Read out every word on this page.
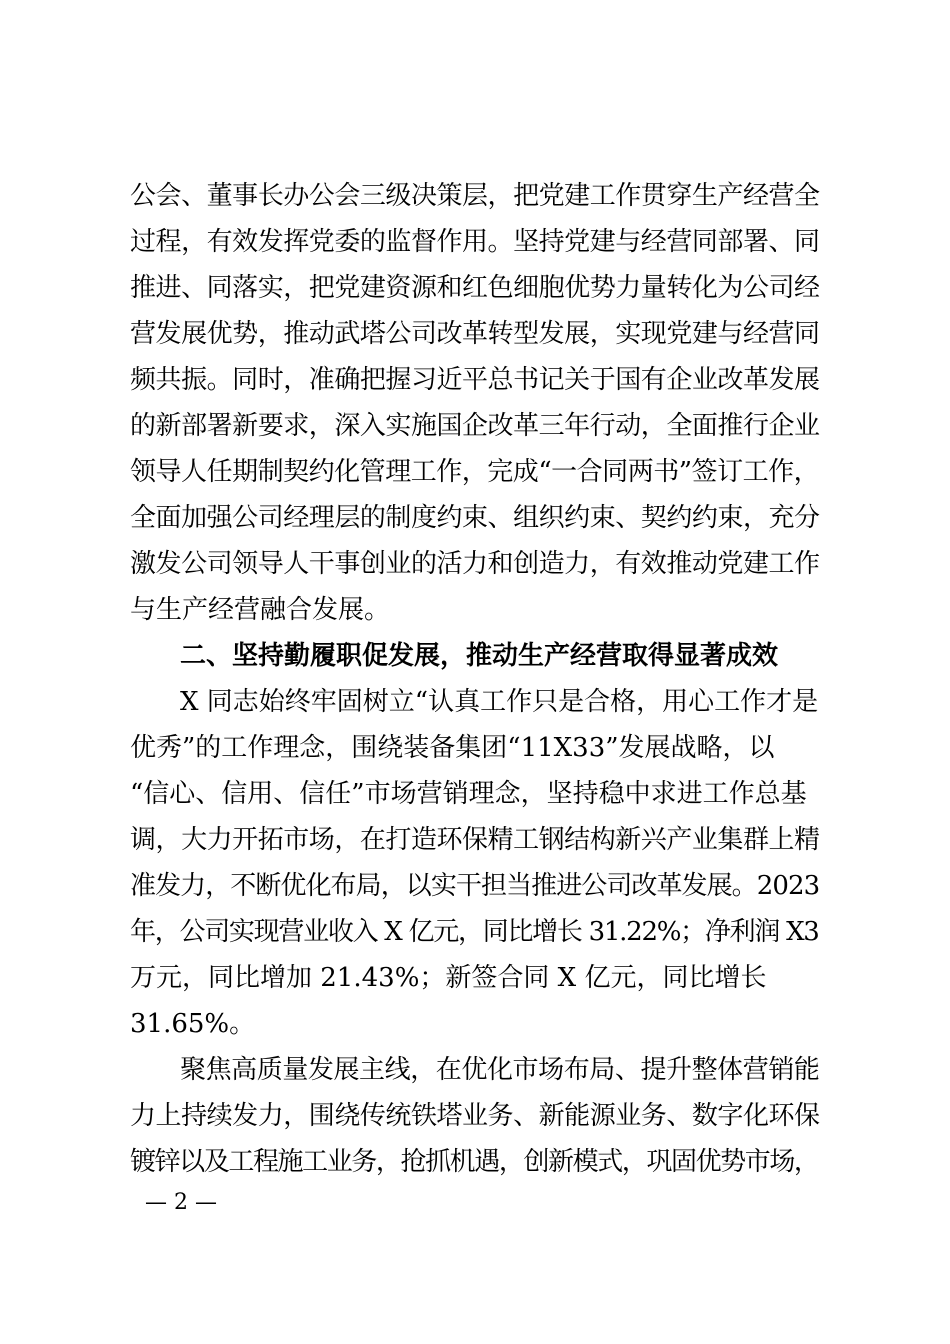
公会、董事长办公会三级决策层，把党建工作贯穿生产经营全
过程，有效发挥党委的监督作用。坚持党建与经营同部署、同
推进、同落实，把党建资源和红色细胞优势力量转化为公司经
营发展优势，推动武塔公司改革转型发展，实现党建与经营同
频共振。同时，准确把握习近平总书记关于国有企业改革发展
的新部署新要求，深入实施国企改革三年行动，全面推行企业
领导人任期制契约化管理工作，完成“一合同两书”签订工作，
全面加强公司经理层的制度约束、组织约束、契约约束，充分
激发公司领导人干事创业的活力和创造力，有效推动党建工作
与生产经营融合发展。
二、坚持勤履职促发展，推动生产经营取得显著成效
X 同志始终牢固树立“认真工作只是合格，用心工作才是
优秀”的工作理念，围绕装备集团“11X33”发展战略，以
“信心、信用、信任”市场营销理念，坚持稳中求进工作总基
调，大力开拓市场，在打造环保精工钢结构新兴产业集群上精
准发力，不断优化布局，以实干担当推进公司改革发展。2023
年，公司实现营业收入 X 亿元，同比增长 31.22%；净利润 X3
万元，同比增加 21.43%；新签合同 X 亿元，同比增长
31.65%。
聚焦高质量发展主线，在优化市场布局、提升整体营销能
力上持续发力，围绕传统铁塔业务、新能源业务、数字化环保
镀锌以及工程施工业务，抢抓机遇，创新模式，巩固优势市场，
— 2 —
